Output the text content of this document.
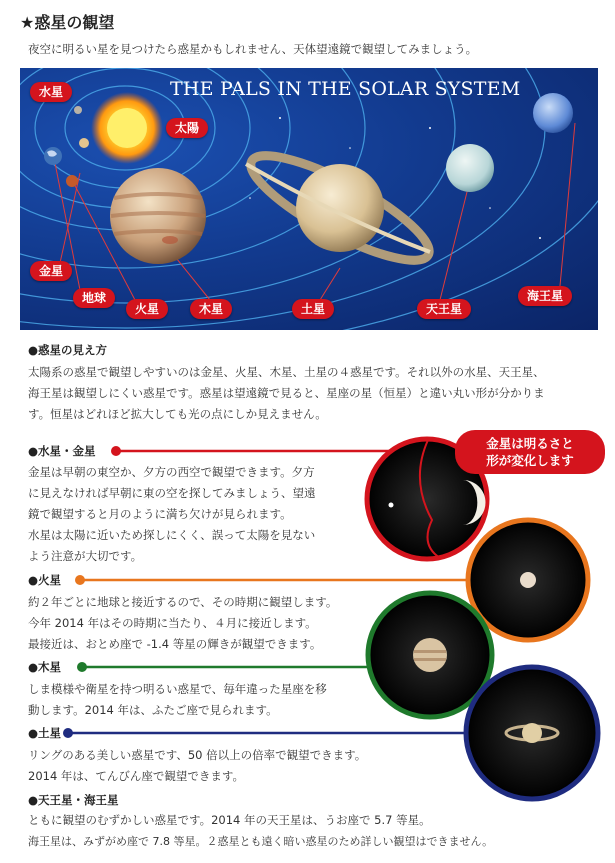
★惑星の観望
夜空に明るい星を見つけたら惑星かもしれません、天体望遠鏡で観望してみましょう。
THE PALS IN THE SOLAR SYSTEM
水星
太陽
金星
地球
火星	木星	土星	天王星
海王星
●惑星の見え方
太陽系の惑星で観望しやすいのは金星、火星、木星、土星の４惑星です。それ以外の水星、天王星、
海王星は観望しにくい惑星です。惑星は望遠鏡で見ると、星座の星（恒星）と違い丸い形が分かりま
す。恒星はどれほど拡大しても光の点にしか見えません。
金星は明るさと
形が変化します
●水星・金星
金星は早朝の東空か、夕方の西空で観望できます。夕方
に見えなければ早朝に東の空を探してみましょう、望遠
鏡で観望すると月のように満ち欠けが見られます。
水星は太陽に近いため探しにくく、誤って太陽を見ない
よう注意が大切です。
●火星
約２年ごとに地球と接近するので、その時期に観望します。
今年 2014 年はその時期に当たり、４月に接近します。
最接近は、おとめ座で -1.4 等星の輝きが観望できます。
●木星
しま模様や衛星を持つ明るい惑星で、毎年違った星座を移
動します。2014 年は、ふたご座で見られます。
●土星
リングのある美しい惑星です、50 倍以上の倍率で観望できます。
2014 年は、てんびん座で観望できます。
●天王星・海王星
ともに観望のむずかしい惑星です。2014 年の天王星は、うお座で 5.7 等星。
海王星は、みずがめ座で 7.8 等星。２惑星とも遠く暗い惑星のため詳しい観望はできません。
